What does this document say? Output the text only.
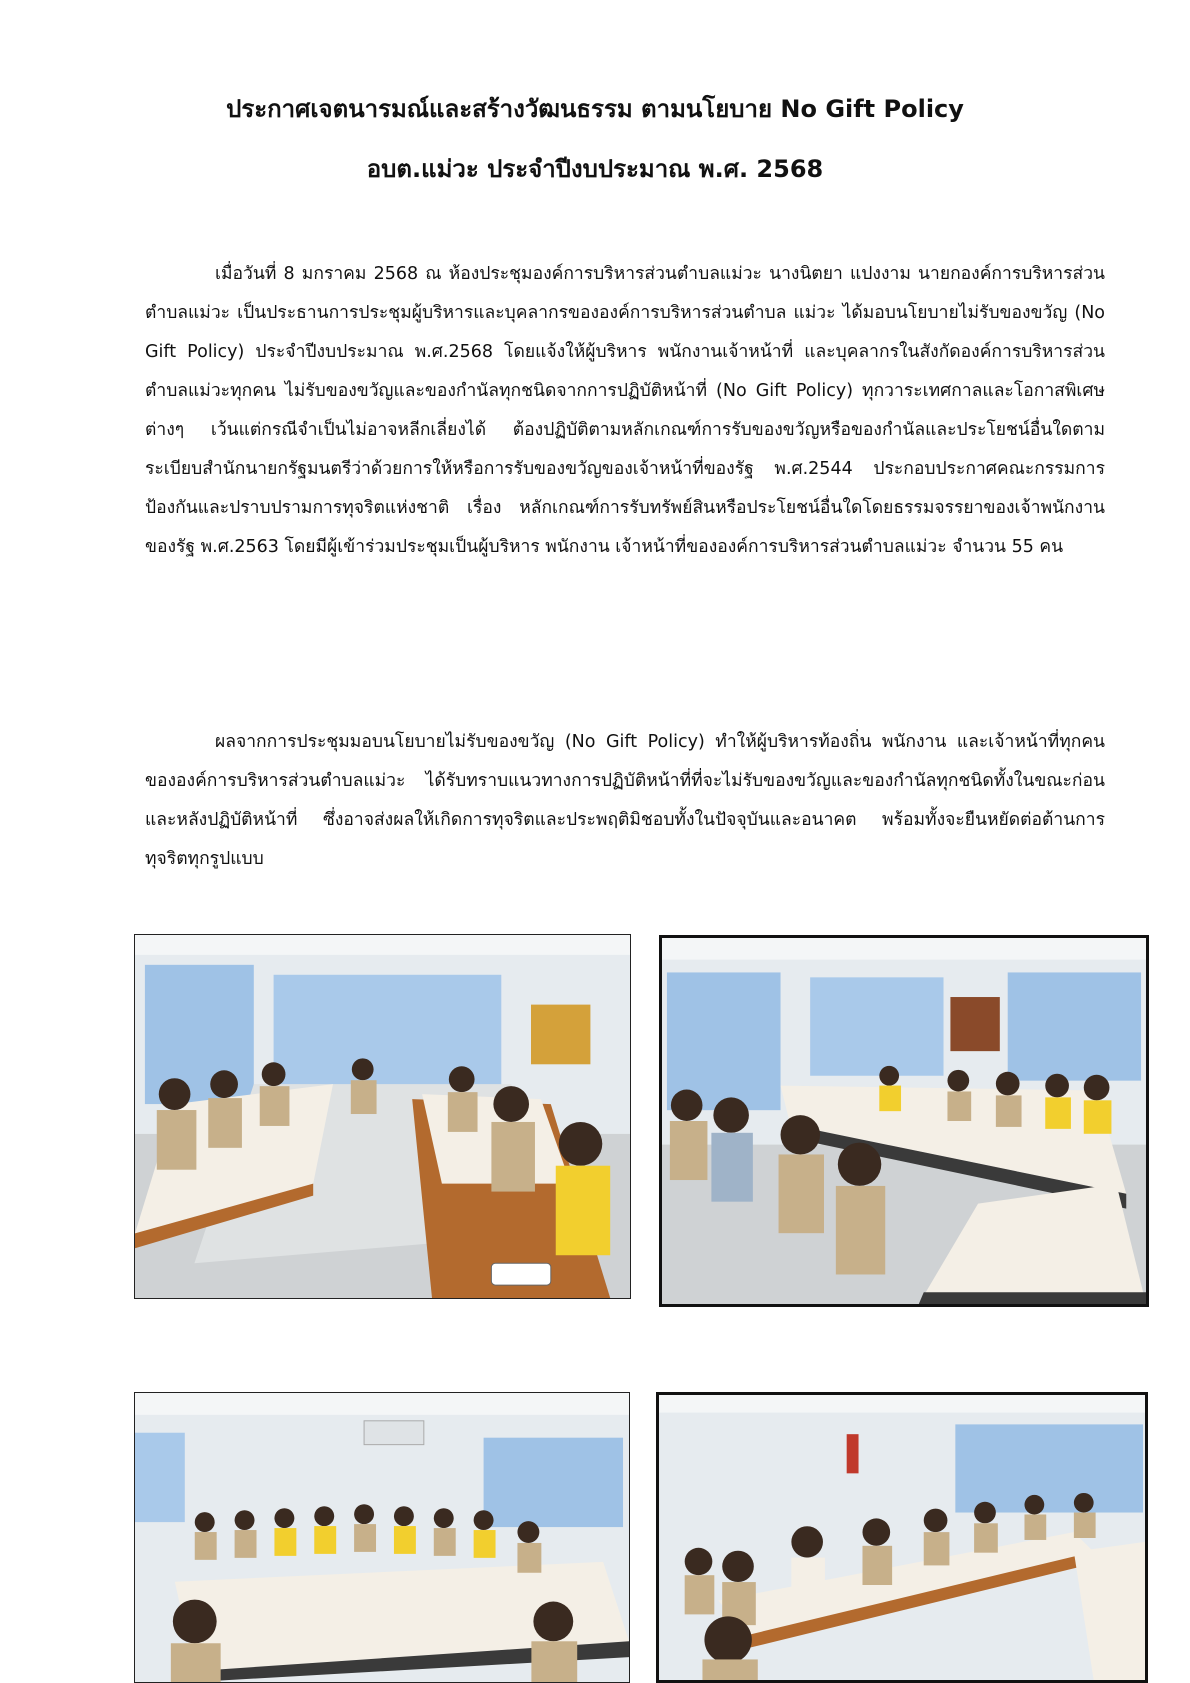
ประกาศเจตนารมณ์และสร้างวัฒนธรรม ตามนโยบาย No Gift Policy
อบต.แม่วะ ประจำปีงบประมาณ พ.ศ. 2568

เมื่อวันที่ 8 มกราคม 2568 ณ ห้องประชุมองค์การบริหารส่วนตำบลแม่วะ นางนิตยา แปงงาม นายกองค์การบริหารส่วนตำบลแม่วะ เป็นประธานการประชุมผู้บริหารและบุคลากรขององค์การบริหารส่วนตำบล แม่วะ ได้มอบนโยบายไม่รับของขวัญ (No Gift Policy) ประจำปีงบประมาณ พ.ศ.2568 โดยแจ้งให้ผู้บริหาร พนักงานเจ้าหน้าที่ และบุคลากรในสังกัดองค์การบริหารส่วนตำบลแม่วะทุกคน ไม่รับของขวัญและของกำนัลทุกชนิดจากการปฏิบัติหน้าที่ (No Gift Policy) ทุกวาระเทศกาลและโอกาสพิเศษต่างๆ เว้นแต่กรณีจำเป็นไม่อาจหลีกเลี่ยงได้ ต้องปฏิบัติตามหลักเกณฑ์การรับของขวัญหรือของกำนัลและประโยชน์อื่นใดตามระเบียบสำนักนายกรัฐมนตรีว่าด้วยการให้หรือการรับของขวัญของเจ้าหน้าที่ของรัฐ พ.ศ.2544 ประกอบประกาศคณะกรรมการป้องกันและปราบปรามการทุจริตแห่งชาติ เรื่อง หลักเกณฑ์การรับทรัพย์สินหรือประโยชน์อื่นใดโดยธรรมจรรยาของเจ้าพนักงานของรัฐ พ.ศ.2563 โดยมีผู้เข้าร่วมประชุมเป็นผู้บริหาร พนักงาน เจ้าหน้าที่ขององค์การบริหารส่วนตำบลแม่วะ จำนวน 55 คน

ผลจากการประชุมมอบนโยบายไม่รับของขวัญ (No Gift Policy) ทำให้ผู้บริหารท้องถิ่น พนักงาน และเจ้าหน้าที่ทุกคน ขององค์การบริหารส่วนตำบลแม่วะ ได้รับทราบแนวทางการปฏิบัติหน้าที่ที่จะไม่รับของขวัญและของกำนัลทุกชนิดทั้งในขณะก่อนและหลังปฏิบัติหน้าที่ ซึ่งอาจส่งผลให้เกิดการทุจริตและประพฤติมิชอบทั้งในปัจจุบันและอนาคต พร้อมทั้งจะยืนหยัดต่อต้านการทุจริตทุกรูปแบบ
